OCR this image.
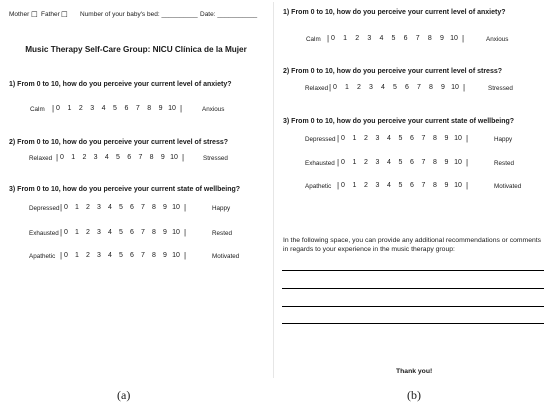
Mother ☐ Father ☐ Number of your baby's bed: __________ Date: ___________
Music Therapy Self-Care Group: NICU Clínica de la Mujer
1) From 0 to 10, how do you perceive your current level of anxiety?
2) From 0 to 10, how do you perceive your current level of stress?
3) From 0 to 10, how do you perceive your current state of wellbeing?
Calm | 0	1	2	3	4	5	6	7	8	9 10 |	Anxious
Relaxed | 0	1	2	3	4	5	6	7	8	9 10 |	Stressed
Depressed | 0	1	2	3	4	5	6	7	8	9 10 |	Happy
Exhausted | 0	1	2	3	4	5	6	7	8	9 10 |	Rested
Apathetic | 0	1	2	3	4	5	6	7	8	9 10 |	Motivated
1) From 0 to 10, how do you perceive your current level of anxiety?
2) From 0 to 10, how do you perceive your current level of stress?
3) From 0 to 10, how do you perceive your current state of wellbeing?
Calm | 0	1	2	3	4	5	6	7	8	9 10 |	Anxious
Relaxed | 0	1	2	3	4	5	6	7	8	9 10 |	Stressed
Depressed | 0	1	2	3	4	5	6	7	8	9 10 |	Happy
Exhausted | 0	1	2	3	4	5	6	7	8	9 10 |	Rested
Apathetic | 0	1	2	3	4	5	6	7	8	9 10 |	Motivated
In the following space, you can provide any additional recommendations or comments in regards to your experience in the music therapy group:
Thank you!
(a)	(b)
